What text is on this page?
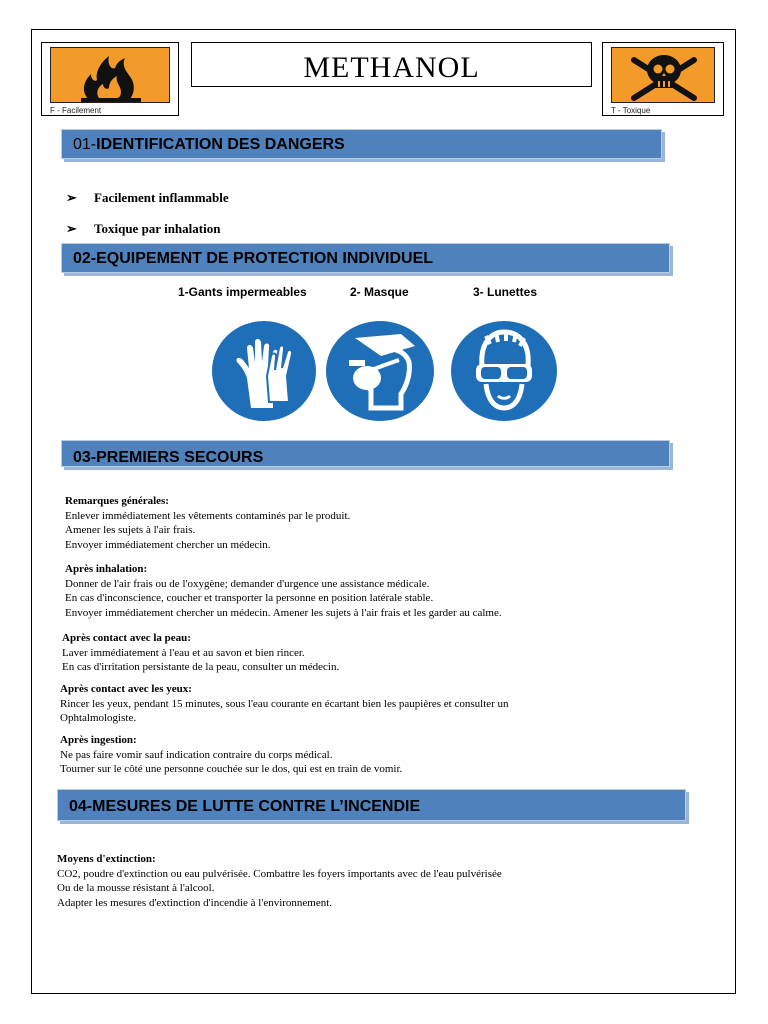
F - Facilement
METHANOL
T - Toxique
01-IDENTIFICATION DES DANGERS
➢ Facilement inflammable
➢ Toxique par inhalation
02-EQUIPEMENT DE PROTECTION INDIVIDUEL
1-Gants impermeables	2- Masque	3- Lunettes
03-PREMIERS SECOURS
Remarques générales:
Enlever immédiatement les vêtements contaminés par le produit.
Amener les sujets à l'air frais.
Envoyer immédiatement chercher un médecin.
Après inhalation:
Donner de l'air frais ou de l'oxygène; demander d'urgence une assistance médicale.
En cas d'inconscience, coucher et transporter la personne en position latérale stable.
Envoyer immédiatement chercher un médecin. Amener les sujets à l'air frais et les garder au calme.
Après contact avec la peau:
Laver immédiatement à l'eau et au savon et bien rincer.
En cas d'irritation persistante de la peau, consulter un médecin.
Après contact avec les yeux:
Rincer les yeux, pendant 15 minutes, sous l'eau courante en écartant bien les paupières et consulter un
Ophtalmologiste.
Après ingestion:
Ne pas faire vomir sauf indication contraire du corps médical.
Tourner sur le côté une personne couchée sur le dos, qui est en train de vomir.
04-MESURES DE LUTTE CONTRE L’INCENDIE
Moyens d'extinction:
CO2, poudre d'extinction ou eau pulvérisée. Combattre les foyers importants avec de l'eau pulvérisée
Ou de la mousse résistant à l'alcool.
Adapter les mesures d'extinction d'incendie à l'environnement.
